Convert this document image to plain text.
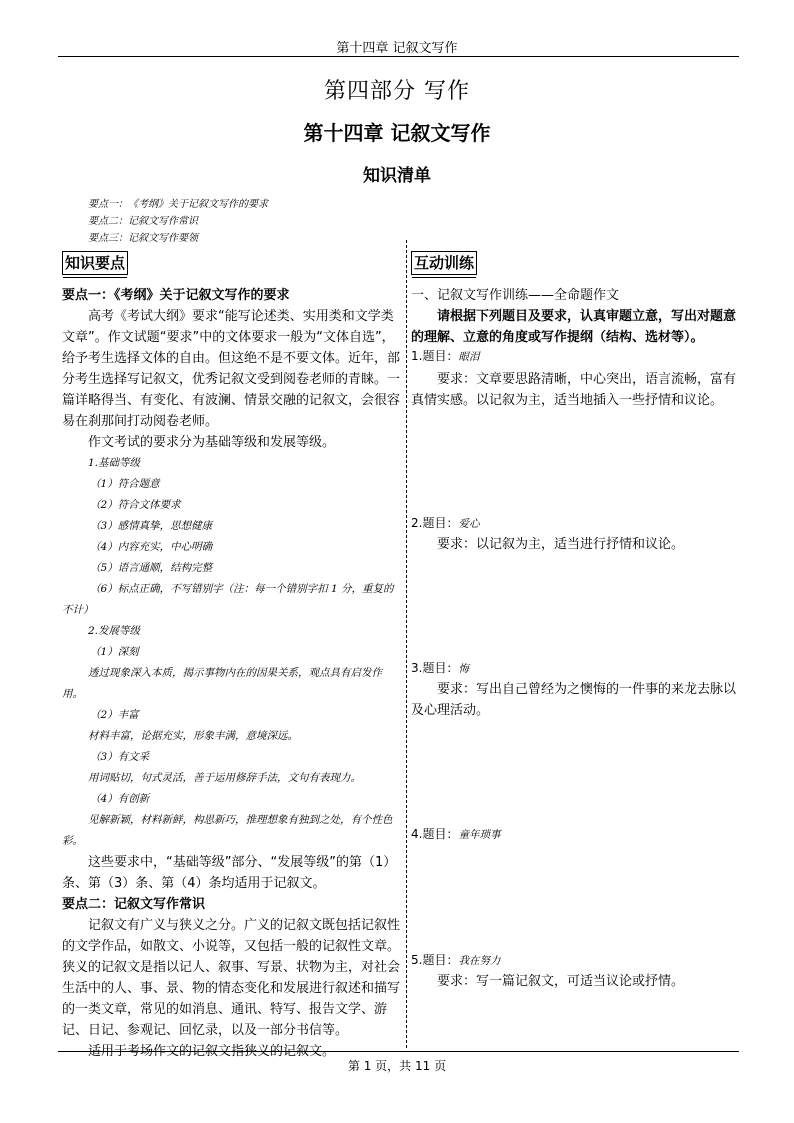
第十四章 记叙文写作
第四部分 写作
第十四章 记叙文写作
知识清单
要点一：《考纲》关于记叙文写作的要求
要点二：记叙文写作常识
要点三：记叙文写作要领
知识要点	互动训练

要点一：《考纲》关于记叙文写作的要求

高考《考试大纲》要求“能写论述类、实用类和文学类文章”。作文试题“要求”中的文体要求一般为“文体自选”，给予考生选择文体的自由。但这绝不是不要文体。近年，部分考生选择写记叙文，优秀记叙文受到阅卷老师的青睐。一篇详略得当、有变化、有波澜、情景交融的记叙文，会很容易在刹那间打动阅卷老师。

作文考试的要求分为基础等级和发展等级。

1.基础等级

（1）符合题意

（2）符合文体要求

（3）感情真挚，思想健康

（4）内容充实，中心明确

（5）语言通顺，结构完整

（6）标点正确，不写错别字（注：每一个错别字扣 1 分，重复的不计）

2.发展等级

（1）深刻

透过现象深入本质，揭示事物内在的因果关系，观点具有启发作用。

（2）丰富

材料丰富，论据充实，形象丰满，意境深远。

（3）有文采

用词贴切，句式灵活，善于运用修辞手法，文句有表现力。

（4）有创新

见解新颖，材料新鲜，构思新巧，推理想象有独到之处，有个性色彩。

这些要求中，“基础等级”部分、“发展等级”的第（1）条、第（3）条、第（4）条均适用于记叙文。

要点二：记叙文写作常识

记叙文有广义与狭义之分。广义的记叙文既包括记叙性的文学作品，如散文、小说等，又包括一般的记叙性文章。狭义的记叙文是指以记人、叙事、写景、状物为主，对社会生活中的人、事、景、物的情态变化和发展进行叙述和描写的一类文章，常见的如消息、通讯、特写、报告文学、游记、日记、参观记、回忆录，以及一部分书信等。

适用于考场作文的记叙文指狭义的记叙文。

一、记叙文写作训练——全命题作文

请根据下列题目及要求，认真审题立意，写出对题意的理解、立意的角度或写作提纲（结构、选材等）。

1.题目：眼泪

要求：文章要思路清晰，中心突出，语言流畅，富有真情实感。以记叙为主，适当地插入一些抒情和议论。

2.题目：爱心

要求：以记叙为主，适当进行抒情和议论。

3.题目：悔

要求：写出自己曾经为之懊悔的一件事的来龙去脉以及心理活动。

4.题目：童年琐事
5.题目：我在努力

要求：写一篇记叙文，可适当议论或抒情。

第 1 页，共 11 页
